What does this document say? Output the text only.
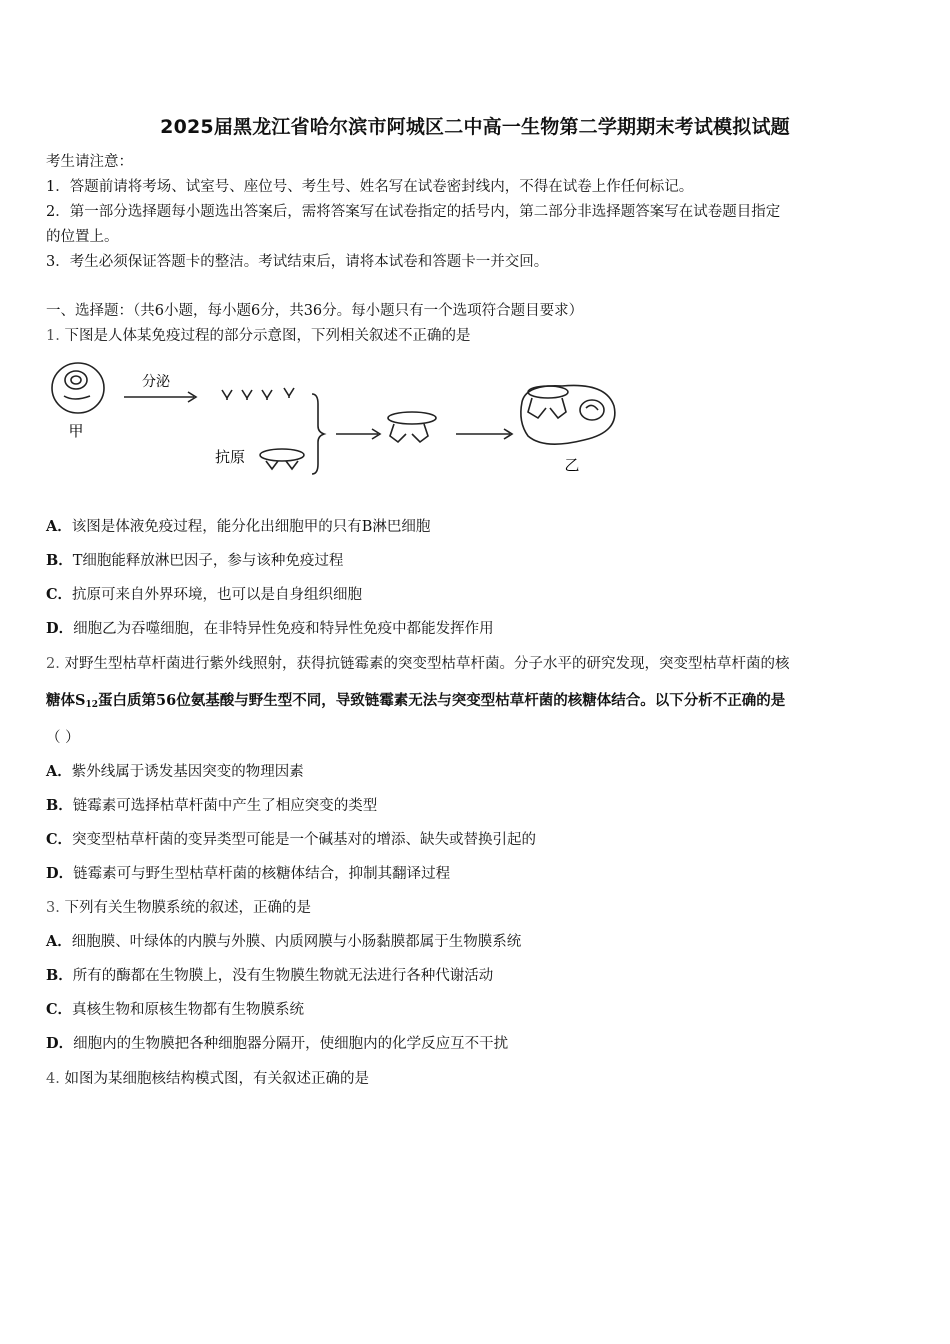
2025届黑龙江省哈尔滨市阿城区二中高一生物第二学期期末考试模拟试题
考生请注意：
1．答题前请将考场、试室号、座位号、考生号、姓名写在试卷密封线内，不得在试卷上作任何标记。
2．第一部分选择题每小题选出答案后，需将答案写在试卷指定的括号内，第二部分非选择题答案写在试卷题目指定
的位置上。
3．考生必须保证答题卡的整洁。考试结束后，请将本试卷和答题卡一并交回。
一、选择题：（共6小题，每小题6分，共36分。每小题只有一个选项符合题目要求）
1. 下图是人体某免疫过程的部分示意图，下列相关叙述不正确的是
甲
分泌
抗原	乙
A．该图是体液免疫过程，能分化出细胞甲的只有B淋巴细胞
B．T细胞能释放淋巴因子，参与该种免疫过程
C．抗原可来自外界环境，也可以是自身组织细胞
D．细胞乙为吞噬细胞，在非特异性免疫和特异性免疫中都能发挥作用
2. 对野生型枯草杆菌进行紫外线照射，获得抗链霉素的突变型枯草杆菌。分子水平的研究发现，突变型枯草杆菌的核
糖体$S_{12}$蛋白质第56位氨基酸与野生型不同，导致链霉素无法与突变型枯草杆菌的核糖体结合。以下分析不正确的是
（ ）
A．紫外线属于诱发基因突变的物理因素
B．链霉素可选择枯草杆菌中产生了相应突变的类型
C．突变型枯草杆菌的变异类型可能是一个碱基对的增添、缺失或替换引起的
D．链霉素可与野生型枯草杆菌的核糖体结合，抑制其翻译过程
3. 下列有关生物膜系统的叙述，正确的是
A．细胞膜、叶绿体的内膜与外膜、内质网膜与小肠黏膜都属于生物膜系统
B．所有的酶都在生物膜上，没有生物膜生物就无法进行各种代谢活动
C．真核生物和原核生物都有生物膜系统
D．细胞内的生物膜把各种细胞器分隔开，使细胞内的化学反应互不干扰
4. 如图为某细胞核结构模式图，有关叙述正确的是
